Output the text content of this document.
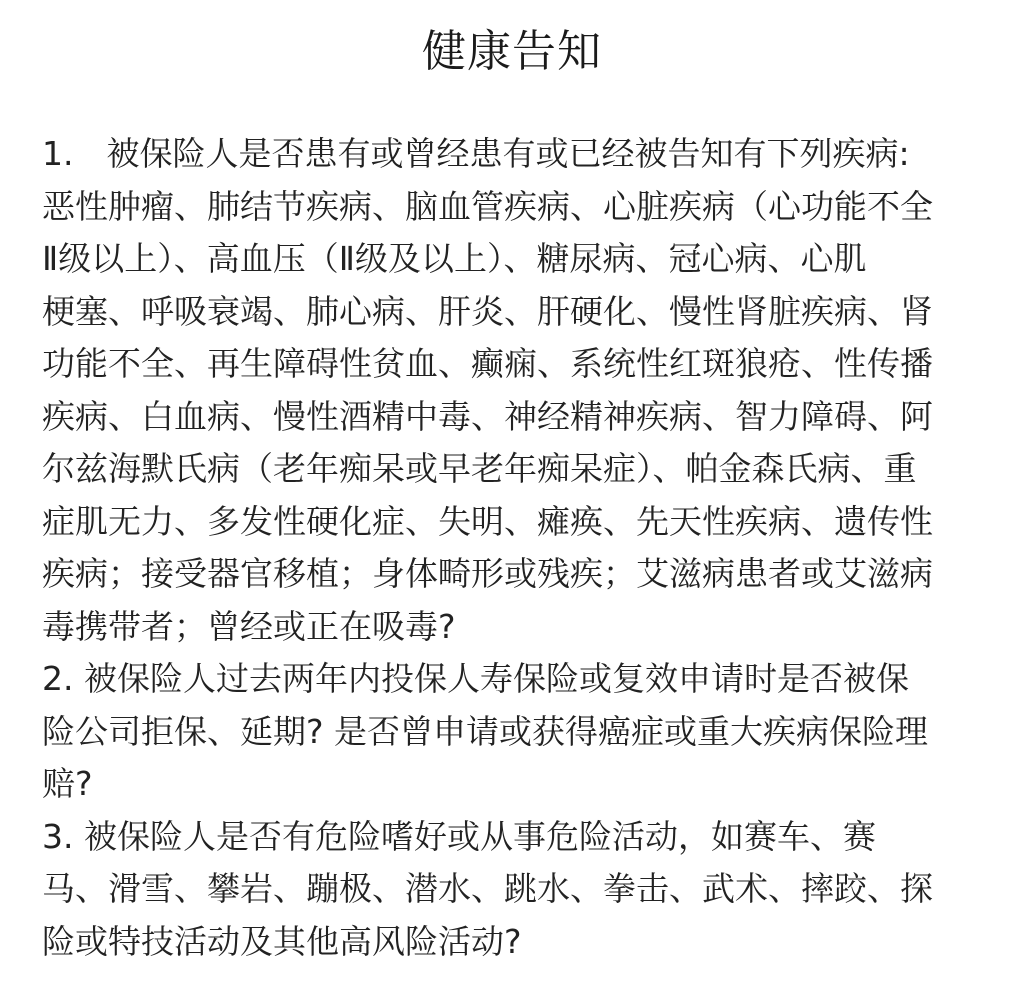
健康告知
1.　被保险人是否患有或曾经患有或已经被告知有下列疾病:
恶性肿瘤、肺结节疾病、脑血管疾病、心脏疾病（心功能不全
Ⅱ级以上）、高血压（Ⅱ级及以上）、糖尿病、冠心病、心肌
梗塞、呼吸衰竭、肺心病、肝炎、肝硬化、慢性肾脏疾病、肾
功能不全、再生障碍性贫血、癫痫、系统性红斑狼疮、性传播
疾病、白血病、慢性酒精中毒、神经精神疾病、智力障碍、阿
尔兹海默氏病（老年痴呆或早老年痴呆症）、帕金森氏病、重
症肌无力、多发性硬化症、失明、瘫痪、先天性疾病、遗传性
疾病；接受器官移植；身体畸形或残疾；艾滋病患者或艾滋病
毒携带者；曾经或正在吸毒?
2. 被保险人过去两年内投保人寿保险或复效申请时是否被保
险公司拒保、延期? 是否曾申请或获得癌症或重大疾病保险理
赔?
3. 被保险人是否有危险嗜好或从事危险活动，如赛车、赛
马、滑雪、攀岩、蹦极、潜水、跳水、拳击、武术、摔跤、探
险或特技活动及其他高风险活动?
